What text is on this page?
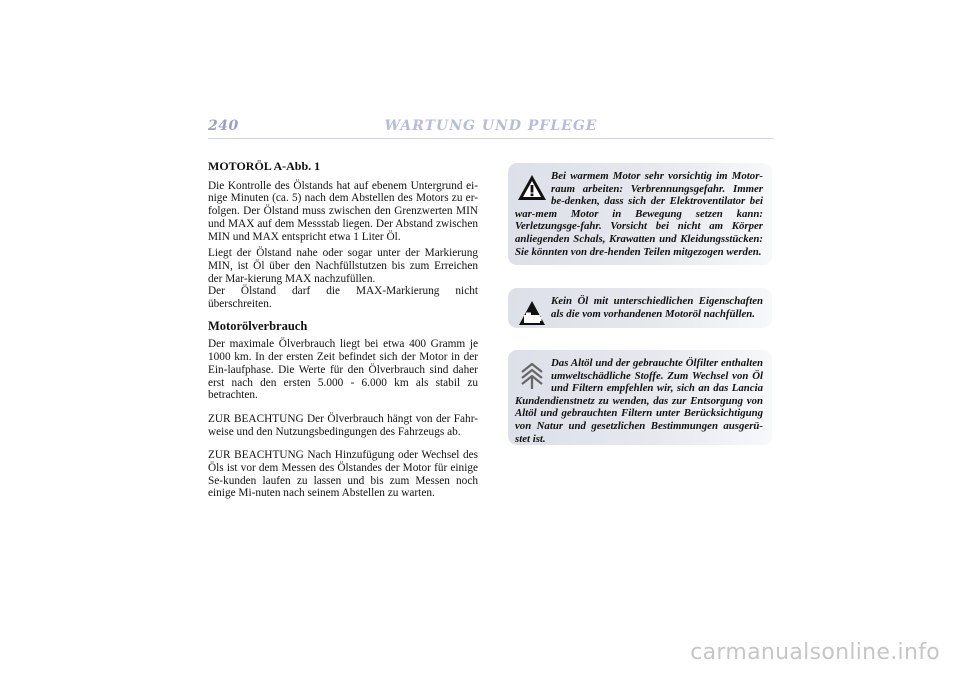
240	WARTUNG UND PFLEGE
MOTORÖL A-Abb. 1

Die Kontrolle des Ölstands hat auf ebenem Untergrund ei-nige Minuten (ca. 5) nach dem Abstellen des Motors zu er-folgen. Der Ölstand muss zwischen den Grenzwerten MIN und MAX auf dem Messstab liegen. Der Abstand zwischen MIN und MAX entspricht etwa 1 Liter Öl.

Liegt der Ölstand nahe oder sogar unter der Markierung MIN, ist Öl über den Nachfüllstutzen bis zum Erreichen der Mar-kierung MAX nachzufüllen.

Der Ölstand darf die MAX-Markierung nicht überschreiten.

Motorölverbrauch

Der maximale Ölverbrauch liegt bei etwa 400 Gramm je 1000 km. In der ersten Zeit befindet sich der Motor in der Ein-laufphase. Die Werte für den Ölverbrauch sind daher erst nach den ersten 5.000 - 6.000 km als stabil zu betrachten.

ZUR BEACHTUNG Der Ölverbrauch hängt von der Fahr-weise und den Nutzungsbedingungen des Fahrzeugs ab.

ZUR BEACHTUNG Nach Hinzufügung oder Wechsel des Öls ist vor dem Messen des Ölstandes der Motor für einige Se-kunden laufen zu lassen und bis zum Messen noch einige Mi-nuten nach seinem Abstellen zu warten.

Bei warmem Motor sehr vorsichtig im Motor-raum arbeiten: Verbrennungsgefahr. Immer be-denken, dass sich der Elektroventilator bei war-mem Motor in Bewegung setzen kann: Verletzungsge-fahr. Vorsicht bei nicht am Körper anliegenden Schals, Krawatten und Kleidungsstücken: Sie könnten von dre-henden Teilen mitgezogen werden.
Kein Öl mit unterschiedlichen Eigenschaften als die vom vorhandenen Motoröl nachfüllen.
Das Altöl und der gebrauchte Ölfilter enthalten umweltschädliche Stoffe. Zum Wechsel von Öl und Filtern empfehlen wir, sich an das Lancia Kundendienstnetz zu wenden, das zur Entsorgung von Altöl und gebrauchten Filtern unter Berücksichtigung von Natur und gesetzlichen Bestimmungen ausgerü-stet ist.
carmanualsonline.info
